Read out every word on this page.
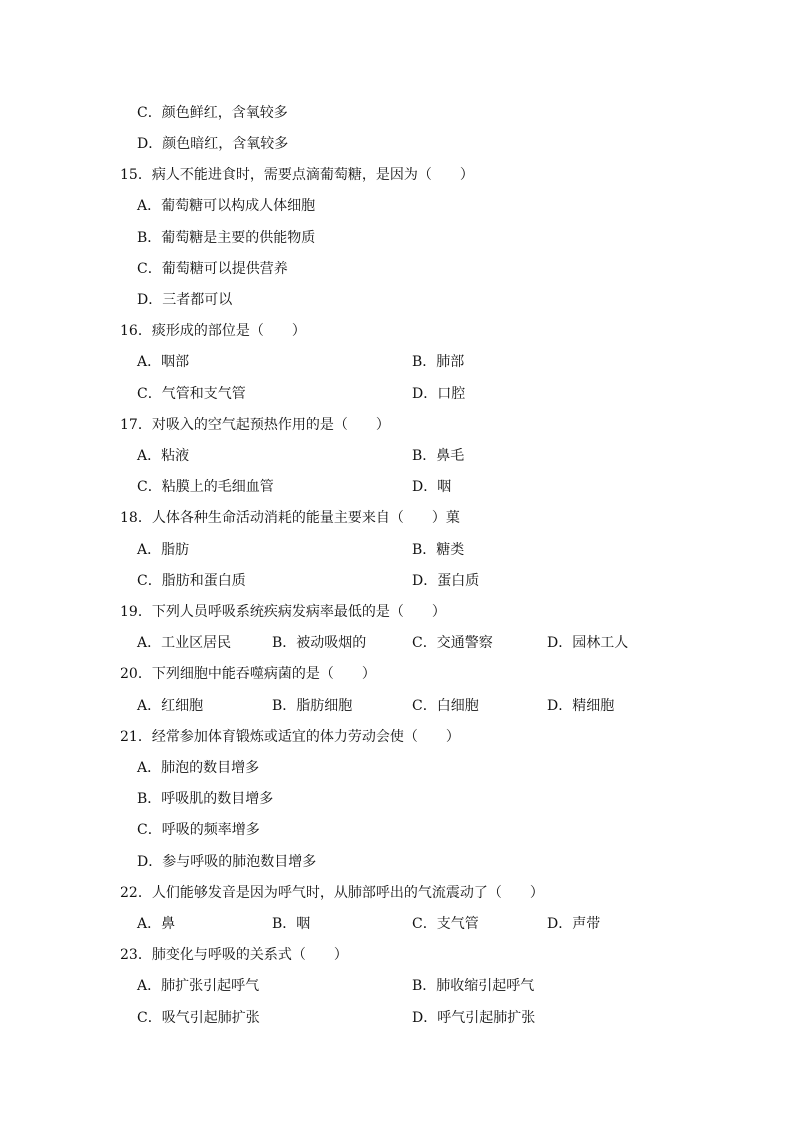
C．颜色鲜红，含氧较多
D．颜色暗红，含氧较多
15．病人不能进食时，需要点滴葡萄糖，是因为（　　）
A．葡萄糖可以构成人体细胞
B．葡萄糖是主要的供能物质
C．葡萄糖可以提供营养
D．三者都可以
16．痰形成的部位是（　　）
A．咽部	B．肺部
C．气管和支气管	D．口腔
17．对吸入的空气起预热作用的是（　　）
A．粘液	B．鼻毛
C．粘膜上的毛细血管	D．咽
18．人体各种生命活动消耗的能量主要来自（　　）菓
A．脂肪	B．糖类
C．脂肪和蛋白质	D．蛋白质
19．下列人员呼吸系统疾病发病率最低的是（　　）
A．工业区居民	B．被动吸烟的	C．交通警察	D．园林工人
20．下列细胞中能吞噬病菌的是（　　）
A．红细胞	B．脂肪细胞	C．白细胞	D．精细胞
21．经常参加体育锻炼或适宜的体力劳动会使（　　）
A．肺泡的数目增多
B．呼吸肌的数目增多
C．呼吸的频率增多
D．参与呼吸的肺泡数目增多
22．人们能够发音是因为呼气时，从肺部呼出的气流震动了（　　）
A．鼻	B．咽	C．支气管	D．声带
23．肺变化与呼吸的关系式（　　）
A．肺扩张引起呼气	B．肺收缩引起呼气
C．吸气引起肺扩张	D．呼气引起肺扩张
